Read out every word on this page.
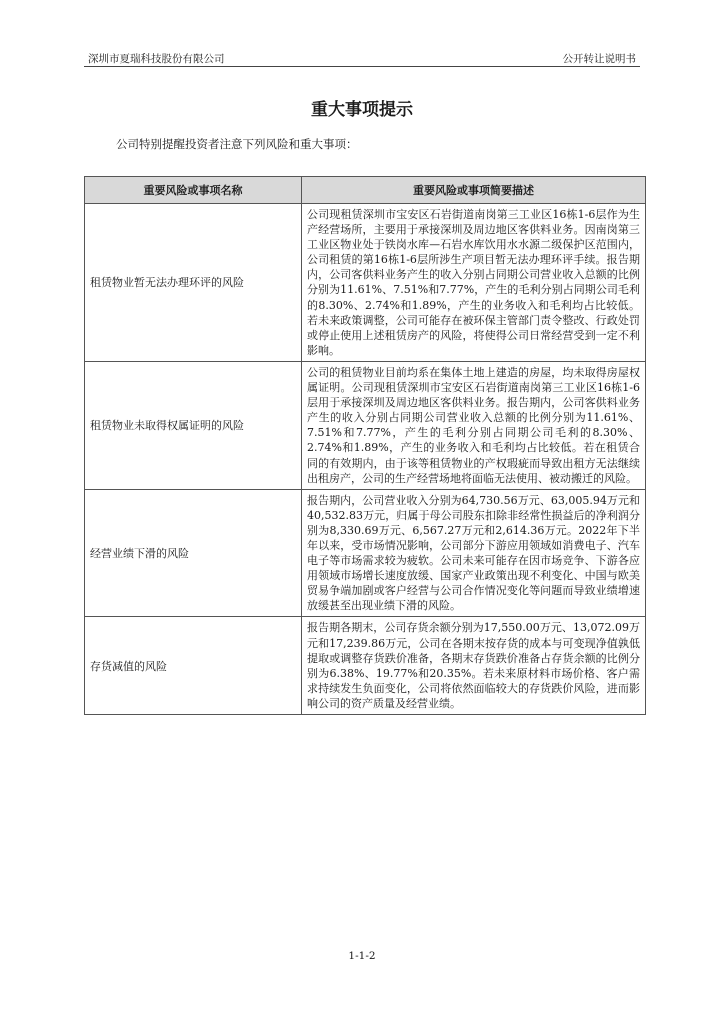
深圳市夏瑞科技股份有限公司	公开转让说明书
重大事项提示
公司特别提醒投资者注意下列风险和重大事项：
重要风险或事项名称	重要风险或事项简要描述
租赁物业暂无法办理环评的风险	公司现租赁深圳市宝安区石岩街道南岗第三工业区16栋1-6层作为生产经营场所，主要用于承接深圳及周边地区客供料业务。因南岗第三工业区物业处于铁岗水库—石岩水库饮用水水源二级保护区范围内，公司租赁的第16栋1-6层所涉生产项目暂无法办理环评手续。报告期内，公司客供料业务产生的收入分别占同期公司营业收入总额的比例分别为11.61%、7.51%和7.77%，产生的毛利分别占同期公司毛利的8.30%、2.74%和1.89%，产生的业务收入和毛利均占比较低。若未来政策调整，公司可能存在被环保主管部门责令整改、行政处罚或停止使用上述租赁房产的风险，将使得公司日常经营受到一定不利影响。
租赁物业未取得权属证明的风险	公司的租赁物业目前均系在集体土地上建造的房屋，均未取得房屋权属证明。公司现租赁深圳市宝安区石岩街道南岗第三工业区16栋1-6层用于承接深圳及周边地区客供料业务。报告期内，公司客供料业务产生的收入分别占同期公司营业收入总额的比例分别为11.61%、7.51%和7.77%，产生的毛利分别占同期公司毛利的8.30%、2.74%和1.89%，产生的业务收入和毛利均占比较低。若在租赁合同的有效期内，由于该等租赁物业的产权瑕疵而导致出租方无法继续出租房产，公司的生产经营场地将面临无法使用、被动搬迁的风险。
经营业绩下滑的风险	报告期内，公司营业收入分别为64,730.56万元、63,005.94万元和40,532.83万元，归属于母公司股东扣除非经常性损益后的净利润分别为8,330.69万元、6,567.27万元和2,614.36万元。2022年下半年以来，受市场情况影响，公司部分下游应用领域如消费电子、汽车电子等市场需求较为疲软。公司未来可能存在因市场竞争、下游各应用领域市场增长速度放缓、国家产业政策出现不利变化、中国与欧美贸易争端加剧或客户经营与公司合作情况变化等问题而导致业绩增速放缓甚至出现业绩下滑的风险。
存货减值的风险	报告期各期末，公司存货余额分别为17,550.00万元、13,072.09万元和17,239.86万元，公司在各期末按存货的成本与可变现净值孰低提取或调整存货跌价准备，各期末存货跌价准备占存货余额的比例分别为6.38%、19.77%和20.35%。若未来原材料市场价格、客户需求持续发生负面变化，公司将依然面临较大的存货跌价风险，进而影响公司的资产质量及经营业绩。
1-1-2
